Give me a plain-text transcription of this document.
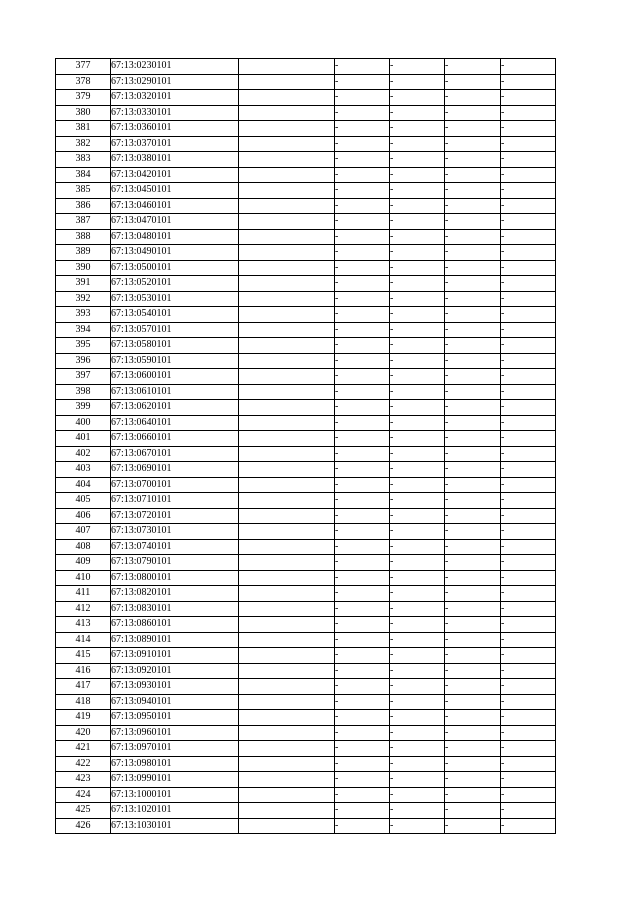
377	67:13:0230101		-	-	-	-
378	67:13:0290101		-	-	-	-
379	67:13:0320101		-	-	-	-
380	67:13:0330101		-	-	-	-
381	67:13:0360101		-	-	-	-
382	67:13:0370101		-	-	-	-
383	67:13:0380101		-	-	-	-
384	67:13:0420101		-	-	-	-
385	67:13:0450101		-	-	-	-
386	67:13:0460101		-	-	-	-
387	67:13:0470101		-	-	-	-
388	67:13:0480101		-	-	-	-
389	67:13:0490101		-	-	-	-
390	67:13:0500101		-	-	-	-
391	67:13:0520101		-	-	-	-
392	67:13:0530101		-	-	-	-
393	67:13:0540101		-	-	-	-
394	67:13:0570101		-	-	-	-
395	67:13:0580101		-	-	-	-
396	67:13:0590101		-	-	-	-
397	67:13:0600101		-	-	-	-
398	67:13:0610101		-	-	-	-
399	67:13:0620101		-	-	-	-
400	67:13:0640101		-	-	-	-
401	67:13:0660101		-	-	-	-
402	67:13:0670101		-	-	-	-
403	67:13:0690101		-	-	-	-
404	67:13:0700101		-	-	-	-
405	67:13:0710101		-	-	-	-
406	67:13:0720101		-	-	-	-
407	67:13:0730101		-	-	-	-
408	67:13:0740101		-	-	-	-
409	67:13:0790101		-	-	-	-
410	67:13:0800101		-	-	-	-
411	67:13:0820101		-	-	-	-
412	67:13:0830101		-	-	-	-
413	67:13:0860101		-	-	-	-
414	67:13:0890101		-	-	-	-
415	67:13:0910101		-	-	-	-
416	67:13:0920101		-	-	-	-
417	67:13:0930101		-	-	-	-
418	67:13:0940101		-	-	-	-
419	67:13:0950101		-	-	-	-
420	67:13:0960101		-	-	-	-
421	67:13:0970101		-	-	-	-
422	67:13:0980101		-	-	-	-
423	67:13:0990101		-	-	-	-
424	67:13:1000101		-	-	-	-
425	67:13:1020101		-	-	-	-
426	67:13:1030101		-	-	-	-
